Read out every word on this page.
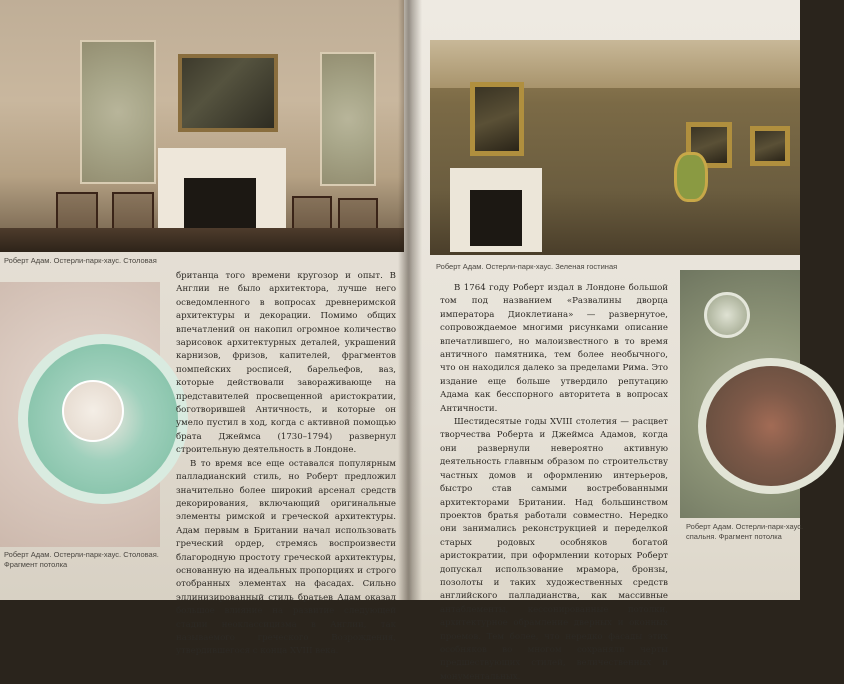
Роберт Адам. Остерли-парк-хаус. Столовая
Роберт Адам. Остерли-парк-хаус. Столовая.
Фрагмент потолка

британца того времени кругозор и опыт. В Англии не было архитектора, лучше него осведомленного в вопросах древнеримской архитектуры и декорации. Помимо общих впечатлений он накопил огромное количество зарисовок архитектурных деталей, украшений карнизов, фризов, капителей, фрагментов помпейских росписей, барельефов, ваз, которые действовали завораживающе на представителей просвещенной аристократии, боготворившей Античность, и которые он умело пустил в ход, когда с активной помощью брата Джеймса (1730–1794) развернул строительную деятельность в Лондоне.

В то время все еще оставался популярным палладианский стиль, но Роберт предложил значительно более широкий арсенал средств декорирования, включающий оригинальные элементы римской и греческой архитектуры. Адам первым в Британии начал использовать греческий ордер, стремясь воспроизвести благородную простоту греческой архитектуры, основанную на идеальных пропорциях и строго отобранных элементах на фасадах. Сильно эллинизированный стиль братьев Адам оказал большое влияние на развитие следующей стадии неоклассицизма в Англии, так называемого греческого Возрождения, утвердившегося с конца XVIII века.

Роберт Адам. Остерли-парк-хаус. Зеленая гостиная

В 1764 году Роберт издал в Лондоне большой том под названием «Развалины дворца императора Диоклетиана» — развернутое, сопровождаемое многими рисунками описание впечатлившего, но малоизвестного в то время античного памятника, тем более необычного, что он находился далеко за пределами Рима. Это издание еще больше утвердило репутацию Адама как бесспорного авторитета в вопросах Античности.

Шестидесятые годы XVIII столетия — расцвет творчества Роберта и Джеймса Адамов, когда они развернули невероятно активную деятельность главным образом по строительству частных домов и оформлению интерьеров, быстро став самыми востребованными архитекторами Британии. Над большинством проектов братья работали совместно. Нередко они занимались реконструкцией и переделкой старых родовых особняков богатой аристократии, при оформлении которых Роберт допускал использование мрамора, бронзы, позолоты и таких художественных средств английского палладианства, как массивные антаблементы, кессонированные потолки, архитектурное обрамление дверных и оконных проемов. Тем более, что нередко фасады этих особняков во многом сохраняли черты предшествующих стилей, величественных и монументальных.

Роберт Адам. Остерли-парк-хаус.
спальня. Фрагмент потолка
